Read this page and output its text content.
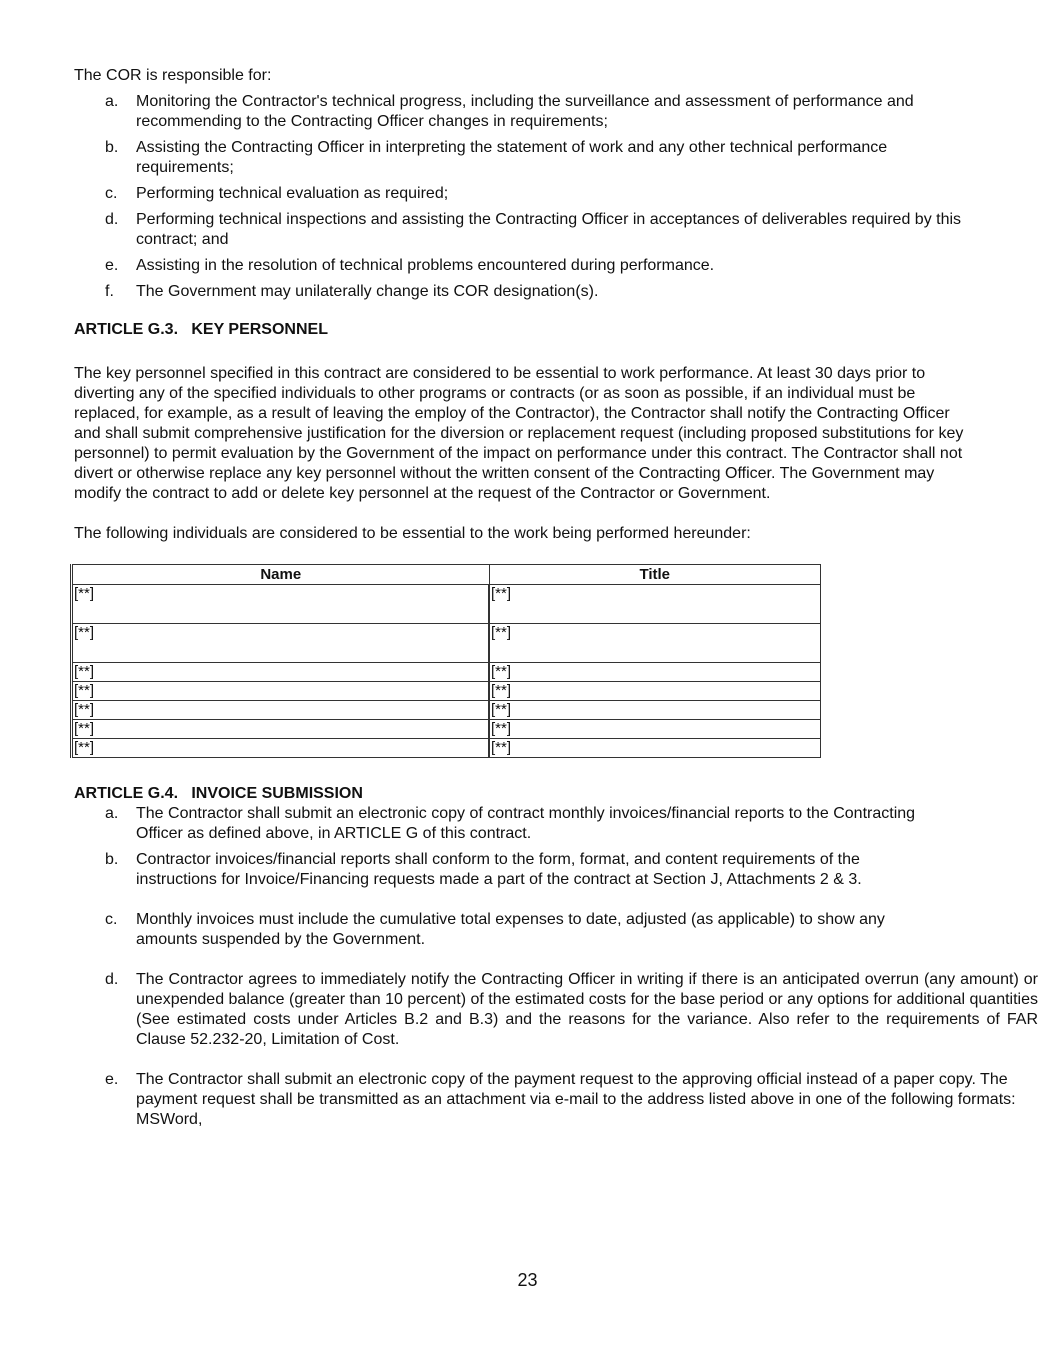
The COR is responsible for:

a. Monitoring the Contractor's technical progress, including the surveillance and assessment of performance and recommending to the Contracting Officer changes in requirements;
b. Assisting the Contracting Officer in interpreting the statement of work and any other technical performance requirements;
c. Performing technical evaluation as required;
d. Performing technical inspections and assisting the Contracting Officer in acceptances of deliverables required by this contract; and
e. Assisting in the resolution of technical problems encountered during performance.
f. The Government may unilaterally change its COR designation(s).
ARTICLE G.3.   KEY PERSONNEL

The key personnel specified in this contract are considered to be essential to work performance. At least 30 days prior to diverting any of the specified individuals to other programs or contracts (or as soon as possible, if an individual must be replaced, for example, as a result of leaving the employ of the Contractor), the Contractor shall notify the Contracting Officer and shall submit comprehensive justification for the diversion or replacement request (including proposed substitutions for key personnel) to permit evaluation by the Government of the impact on performance under this contract. The Contractor shall not divert or otherwise replace any key personnel without the written consent of the Contracting Officer. The Government may modify the contract to add or delete key personnel at the request of the Contractor or Government.

The following individuals are considered to be essential to the work being performed hereunder:

Name	Title
[**]	[**]
[**]	[**]
[**]	[**]
[**]	[**]
[**]	[**]
[**]	[**]
[**]	[**]
ARTICLE G.4.   INVOICE SUBMISSION
a. The Contractor shall submit an electronic copy of contract monthly invoices/financial reports to the Contracting Officer as defined above, in ARTICLE G of this contract.
b. Contractor invoices/financial reports shall conform to the form, format, and content requirements of the instructions for Invoice/Financing requests made a part of the contract at Section J, Attachments 2 & 3.
c. Monthly invoices must include the cumulative total expenses to date, adjusted (as applicable) to show any amounts suspended by the Government.
d. The Contractor agrees to immediately notify the Contracting Officer in writing if there is an anticipated overrun (any amount) or unexpended balance (greater than 10 percent) of the estimated costs for the base period or any options for additional quantities (See estimated costs under Articles B.2 and B.3) and the reasons for the variance. Also refer to the requirements of FAR Clause 52.232-20, Limitation of Cost.
e. The Contractor shall submit an electronic copy of the payment request to the approving official instead of a paper copy. The payment request shall be transmitted as an attachment via e-mail to the address listed above in one of the following formats: MSWord,
23
